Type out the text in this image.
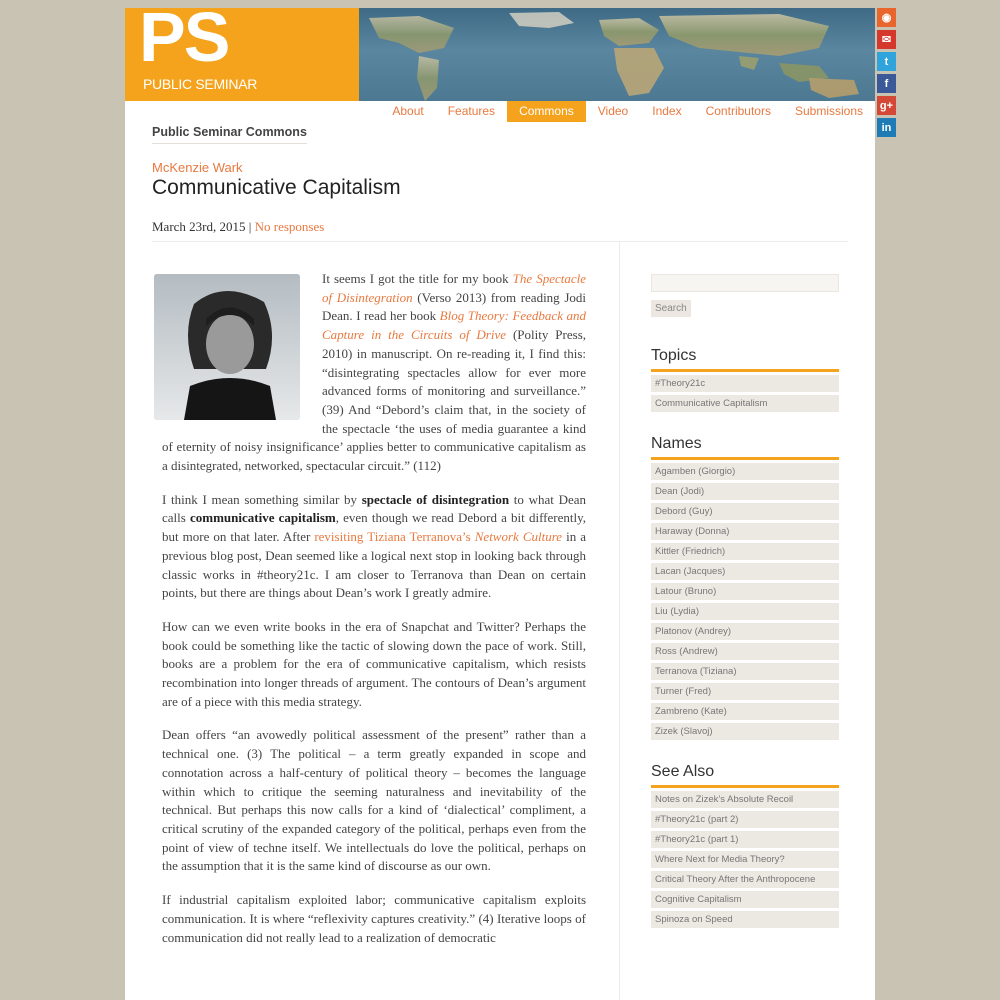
PS
PUBLIC SEMINAR
About	Features	Commons	Video	Index	Contributors	Submissions
Public Seminar Commons
McKenzie Wark
Communicative Capitalism
March 23rd, 2015 | No responses

It seems I got the title for my book The Spectacle of Disintegration (Verso 2013) from reading Jodi Dean. I read her book Blog Theory: Feedback and Capture in the Circuits of Drive (Polity Press, 2010) in manuscript. On re-reading it, I find this: “disintegrating spectacles allow for ever more advanced forms of monitoring and surveillance.” (39) And “Debord’s claim that, in the society of the spectacle ‘the uses of media guarantee a kind of eternity of noisy insignificance’ applies better to communicative capitalism as a disintegrated, networked, spectacular circuit.” (112)

I think I mean something similar by spectacle of disintegration to what Dean calls communicative capitalism, even though we read Debord a bit differently, but more on that later. After revisiting Tiziana Terranova’s Network Culture in a previous blog post, Dean seemed like a logical next stop in looking back through classic works in #theory21c. I am closer to Terranova than Dean on certain points, but there are things about Dean’s work I greatly admire.

How can we even write books in the era of Snapchat and Twitter? Perhaps the book could be something like the tactic of slowing down the pace of work. Still, books are a problem for the era of communicative capitalism, which resists recombination into longer threads of argument. The contours of Dean’s argument are of a piece with this media strategy.

Dean offers “an avowedly political assessment of the present” rather than a technical one. (3) The political – a term greatly expanded in scope and connotation across a half-century of political theory – becomes the language within which to critique the seeming naturalness and inevitability of the technical. But perhaps this now calls for a kind of ‘dialectical’ compliment, a critical scrutiny of the expanded category of the political, perhaps even from the point of view of techne itself. We intellectuals do love the political, perhaps on the assumption that it is the same kind of discourse as our own.

If industrial capitalism exploited labor; communicative capitalism exploits communication. It is where “reflexivity captures creativity.” (4) Iterative loops of communication did not really lead to a realization of democratic

Search
Topics
#Theory21c
Communicative Capitalism
Names
Agamben (Giorgio)
Dean (Jodi)
Debord (Guy)
Haraway (Donna)
Kittler (Friedrich)
Lacan (Jacques)
Latour (Bruno)
Liu (Lydia)
Platonov (Andrey)
Ross (Andrew)
Terranova (Tiziana)
Turner (Fred)
Zambreno (Kate)
Zizek (Slavoj)
See Also
Notes on Zizek’s Absolute Recoil
#Theory21c (part 2)
#Theory21c (part 1)
Where Next for Media Theory?
Critical Theory After the Anthropocene
Cognitive Capitalism
Spinoza on Speed
◉
✉
t
f
g+
in
